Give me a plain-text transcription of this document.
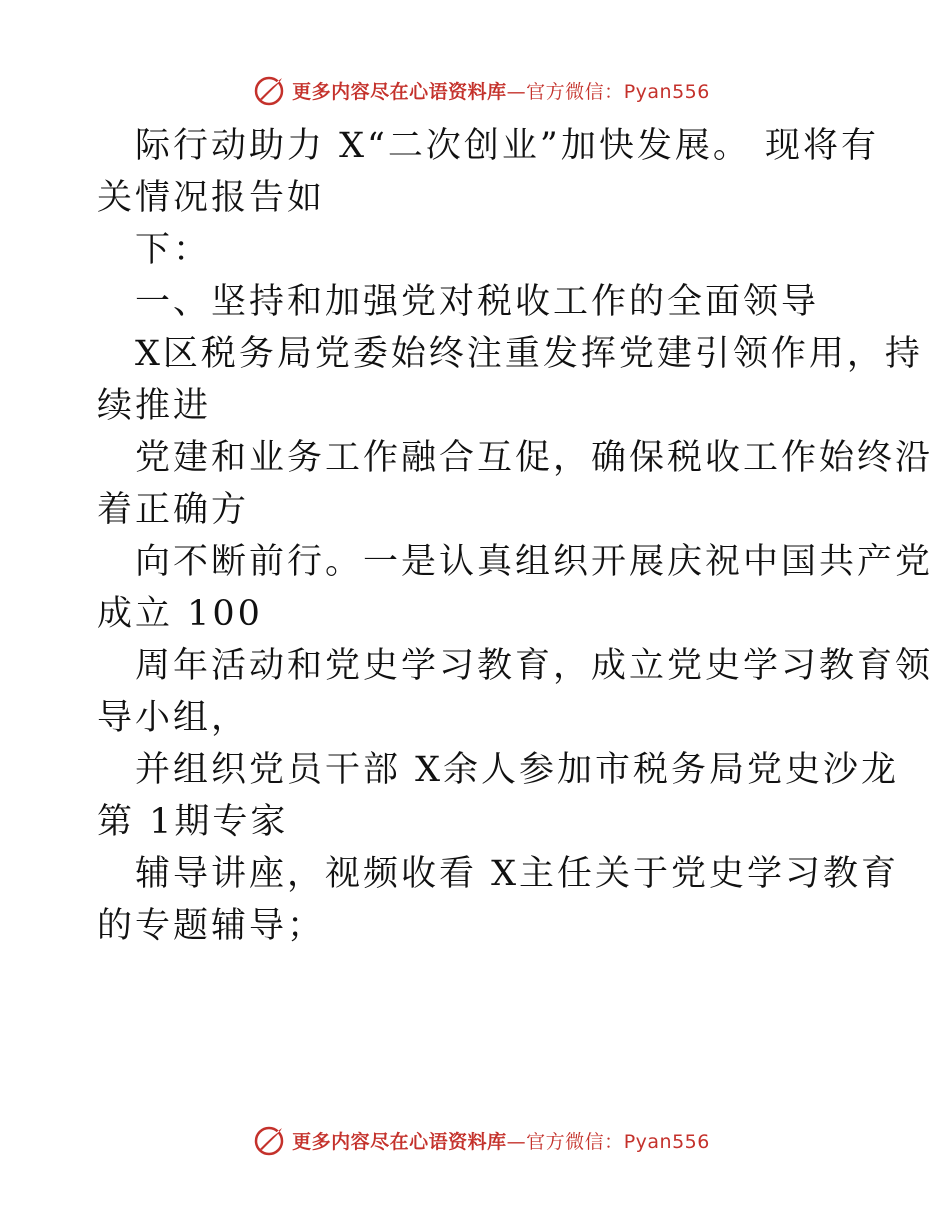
更多内容尽在心语资料库—官方微信：Pyan556
际行动助力 X“二次创业”加快发展。 现将有
关情况报告如
下：
一、坚持和加强党对税收工作的全面领导
X区税务局党委始终注重发挥党建引领作用，持
续推进
党建和业务工作融合互促，确保税收工作始终沿
着正确方
向不断前行。一是认真组织开展庆祝中国共产党
成立 100
周年活动和党史学习教育，成立党史学习教育领
导小组，
并组织党员干部 X余人参加市税务局党史沙龙
第 1期专家
辅导讲座，视频收看 X主任关于党史学习教育
的专题辅导；
更多内容尽在心语资料库—官方微信：Pyan556
